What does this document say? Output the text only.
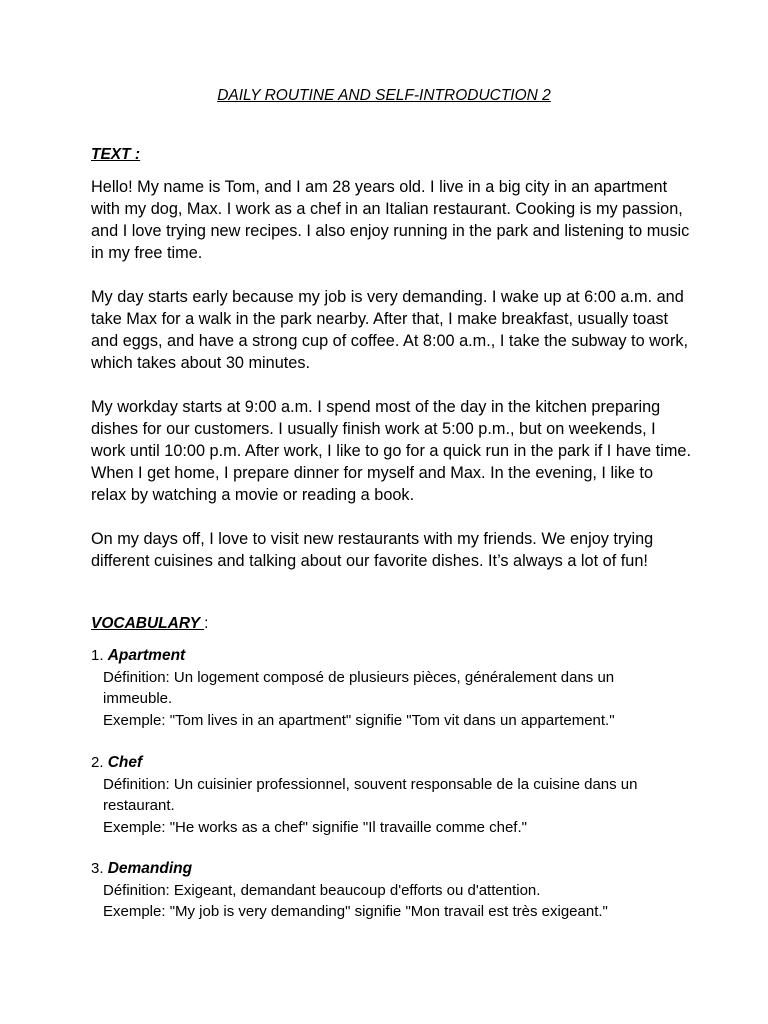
DAILY ROUTINE AND SELF-INTRODUCTION 2
TEXT :

Hello! My name is Tom, and I am 28 years old. I live in a big city in an apartment with my dog, Max. I work as a chef in an Italian restaurant. Cooking is my passion, and I love trying new recipes. I also enjoy running in the park and listening to music in my free time.

My day starts early because my job is very demanding. I wake up at 6:00 a.m. and take Max for a walk in the park nearby. After that, I make breakfast, usually toast and eggs, and have a strong cup of coffee. At 8:00 a.m., I take the subway to work, which takes about 30 minutes.

My workday starts at 9:00 a.m. I spend most of the day in the kitchen preparing dishes for our customers. I usually finish work at 5:00 p.m., but on weekends, I work until 10:00 p.m. After work, I like to go for a quick run in the park if I have time. When I get home, I prepare dinner for myself and Max. In the evening, I like to relax by watching a movie or reading a book.

On my days off, I love to visit new restaurants with my friends. We enjoy trying different cuisines and talking about our favorite dishes. It’s always a lot of fun!

VOCABULARY :

1. Apartment

Définition: Un logement composé de plusieurs pièces, généralement dans un immeuble.

Exemple: "Tom lives in an apartment" signifie "Tom vit dans un appartement."

2. Chef

Définition: Un cuisinier professionnel, souvent responsable de la cuisine dans un restaurant.

Exemple: "He works as a chef" signifie "Il travaille comme chef."

3. Demanding

Définition: Exigeant, demandant beaucoup d'efforts ou d'attention.

Exemple: "My job is very demanding" signifie "Mon travail est très exigeant."
